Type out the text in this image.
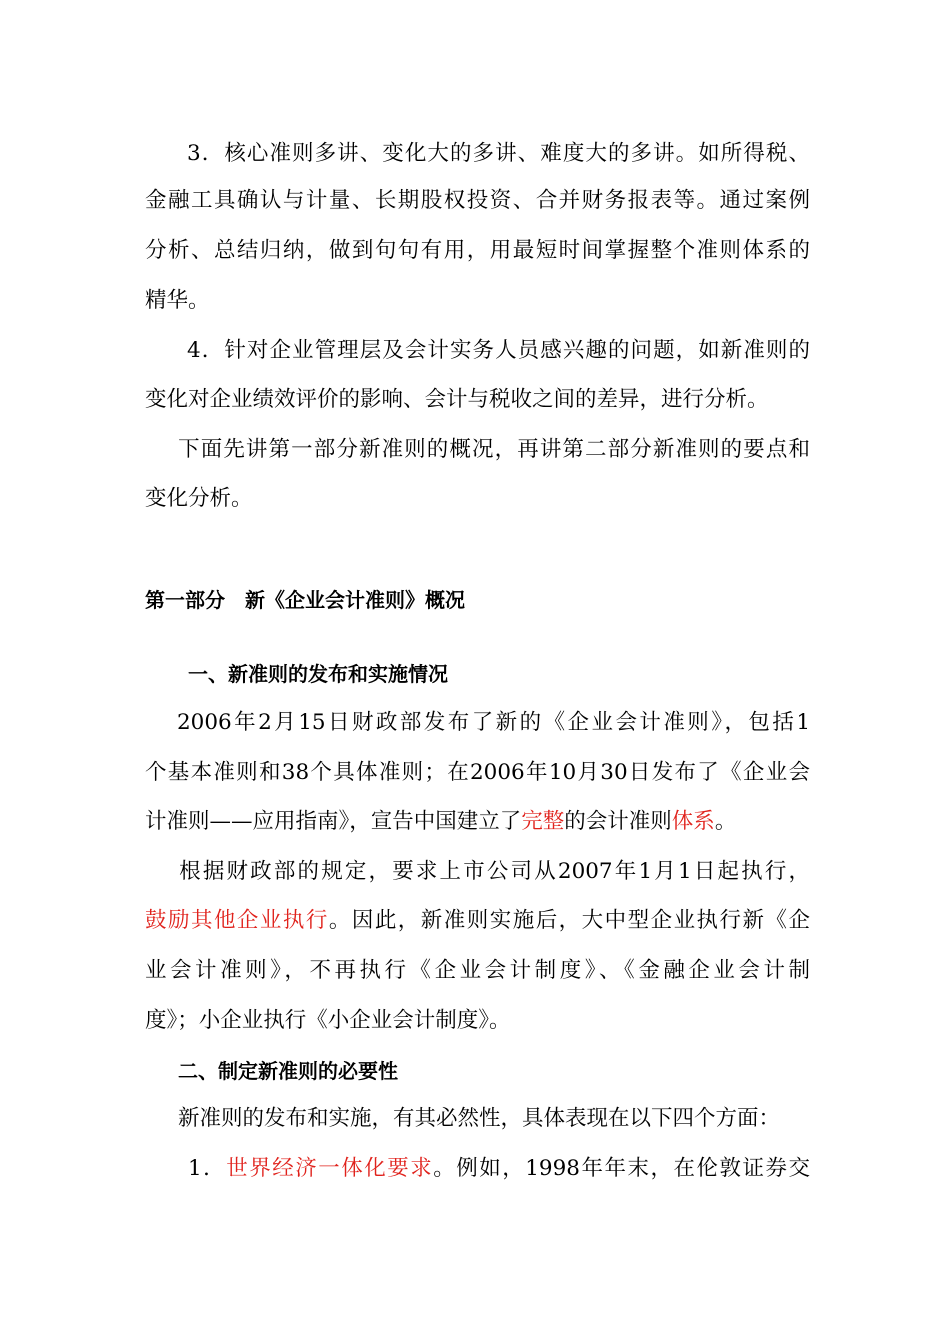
3．核心准则多讲、变化大的多讲、难度大的多讲。如所得税、
金融工具确认与计量、长期股权投资、合并财务报表等。通过案例
分析、总结归纳，做到句句有用，用最短时间掌握整个准则体系的
精华。
4．针对企业管理层及会计实务人员感兴趣的问题，如新准则的
变化对企业绩效评价的影响、会计与税收之间的差异，进行分析。
下面先讲第一部分新准则的概况，再讲第二部分新准则的要点和
变化分析。
第一部分　新《企业会计准则》概况
一、新准则的发布和实施情况
2006年2月15日财政部发布了新的《企业会计准则》，包括1
个基本准则和38个具体准则；在2006年10月30日发布了《企业会
计准则——应用指南》，宣告中国建立了完整的会计准则体系。
根据财政部的规定，要求上市公司从2007年1月1日起执行，
鼓励其他企业执行。因此，新准则实施后，大中型企业执行新《企
业会计准则》，不再执行《企业会计制度》、《金融企业会计制
度》；小企业执行《小企业会计制度》。
二、制定新准则的必要性
新准则的发布和实施，有其必然性，具体表现在以下四个方面：
1．世界经济一体化要求。例如，1998年年末，在伦敦证券交
